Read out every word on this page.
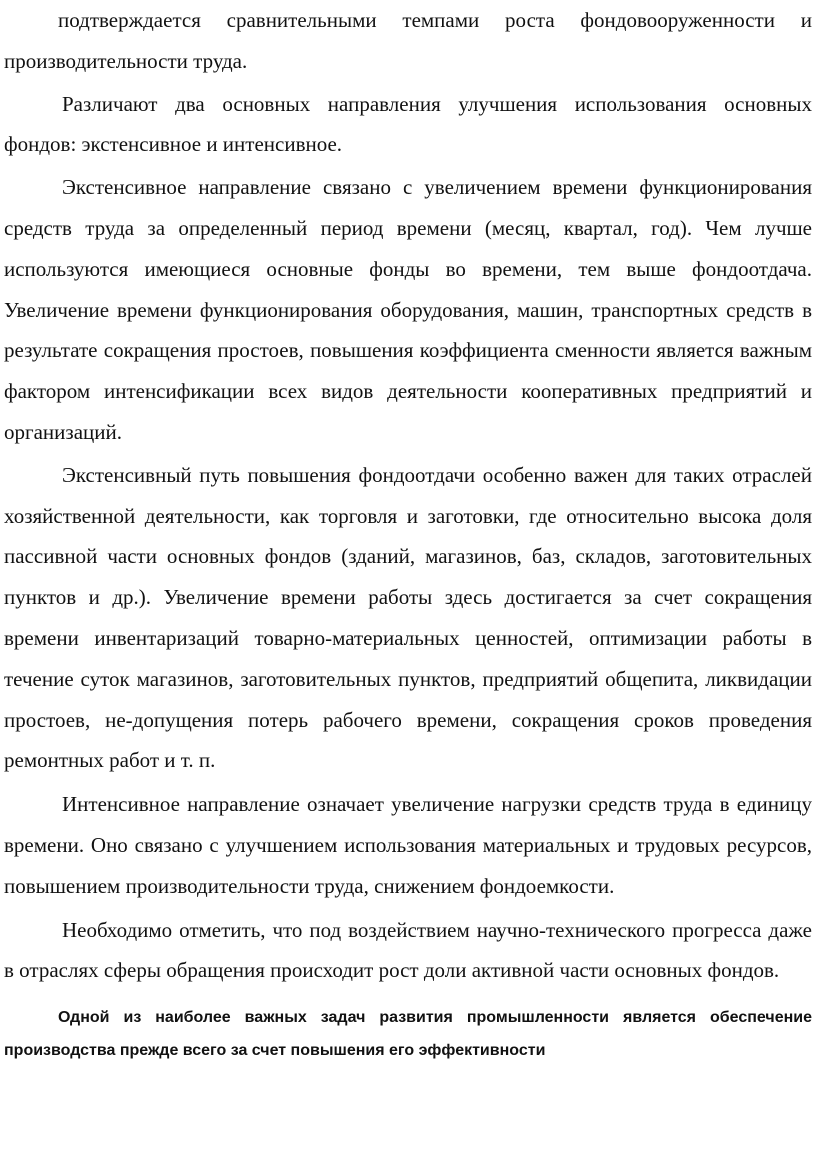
подтверждается сравнительными темпами роста фондовооруженности и производительности труда.

Различают два основных направления улучшения использования основных фондов: экстенсивное и интенсивное.

Экстенсивное направление связано с увеличением времени функционирования средств труда за определенный период времени (месяц, квартал, год). Чем лучше используются имеющиеся основные фонды во времени, тем выше фондоотдача. Увеличение времени функционирования оборудования, машин, транспортных средств в результате сокращения простоев, повышения коэффициента сменности является важным фактором интенсификации всех видов деятельности кооперативных предприятий и организаций.

Экстенсивный путь повышения фондоотдачи особенно важен для таких отраслей хозяйственной деятельности, как торговля и заготовки, где относительно высока доля пассивной части основных фондов (зданий, магазинов, баз, складов, заготовительных пунктов и др.). Увеличение времени работы здесь достигается за счет сокращения времени инвентаризаций товарно-материальных ценностей, оптимизации работы в течение суток магазинов, заготовительных пунктов, предприятий общепита, ликвидации простоев, не-допущения потерь рабочего времени, сокращения сроков проведения ремонтных работ и т. п.

Интенсивное направление означает увеличение нагрузки средств труда в единицу времени. Оно связано с улучшением использования материальных и трудовых ресурсов, повышением производительности труда, снижением фондоемкости.

Необходимо отметить, что под воздействием научно-технического прогресса даже в отраслях сферы обращения происходит рост доли активной части основных фондов.

Одной из наиболее важных задач развития промышленности является обеспечение производства прежде всего за счет повышения его эффективности
